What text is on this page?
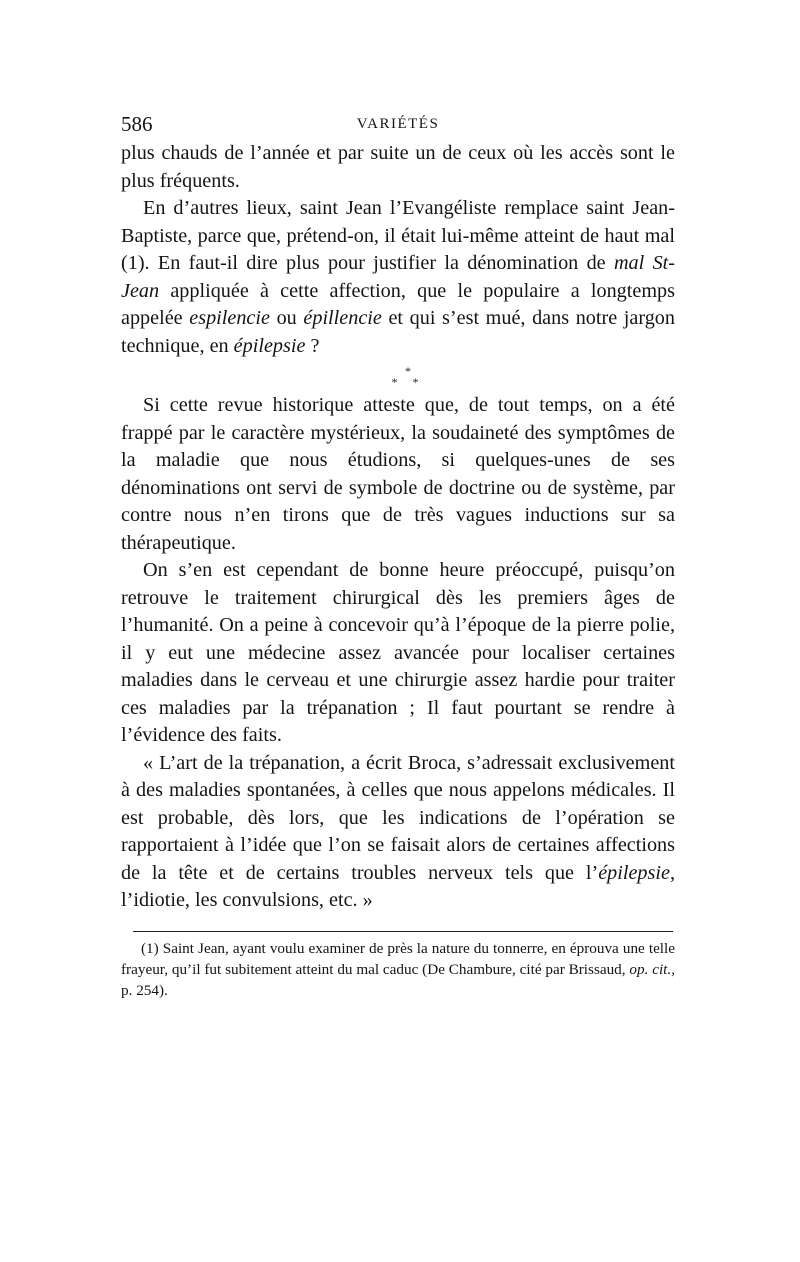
586	VARIÉTÉS

plus chauds de l’année et par suite un de ceux où les accès sont le plus fréquents.

En d’autres lieux, saint Jean l’Evangéliste remplace saint Jean-Baptiste, parce que, prétend-on, il était lui-même atteint de haut mal (1). En faut-il dire plus pour justifier la dénomination de mal St-Jean appliquée à cette affection, que le populaire a longtemps appelée espilencie ou épillencie et qui s’est mué, dans notre jargon technique, en épilepsie ?

*
* *

Si cette revue historique atteste que, de tout temps, on a été frappé par le caractère mystérieux, la soudaineté des symptômes de la maladie que nous étudions, si quelques-unes de ses dénominations ont servi de symbole de doctrine ou de système, par contre nous n’en tirons que de très vagues inductions sur sa thérapeutique.

On s’en est cependant de bonne heure préoccupé, puisqu’on retrouve le traitement chirurgical dès les premiers âges de l’humanité. On a peine à concevoir qu’à l’époque de la pierre polie, il y eut une médecine assez avancée pour localiser certaines maladies dans le cerveau et une chirurgie assez hardie pour traiter ces maladies par la trépanation ; Il faut pourtant se rendre à l’évidence des faits.

« L’art de la trépanation, a écrit Broca, s’adressait exclusivement à des maladies spontanées, à celles que nous appelons médicales. Il est probable, dès lors, que les indications de l’opération se rapportaient à l’idée que l’on se faisait alors de certaines affections de la tête et de certains troubles nerveux tels que l’épilepsie, l’idiotie, les convulsions, etc. »

(1) Saint Jean, ayant voulu examiner de près la nature du tonnerre, en éprouva une telle frayeur, qu’il fut subitement atteint du mal caduc (De Chambure, cité par Brissaud, op. cit., p. 254).
